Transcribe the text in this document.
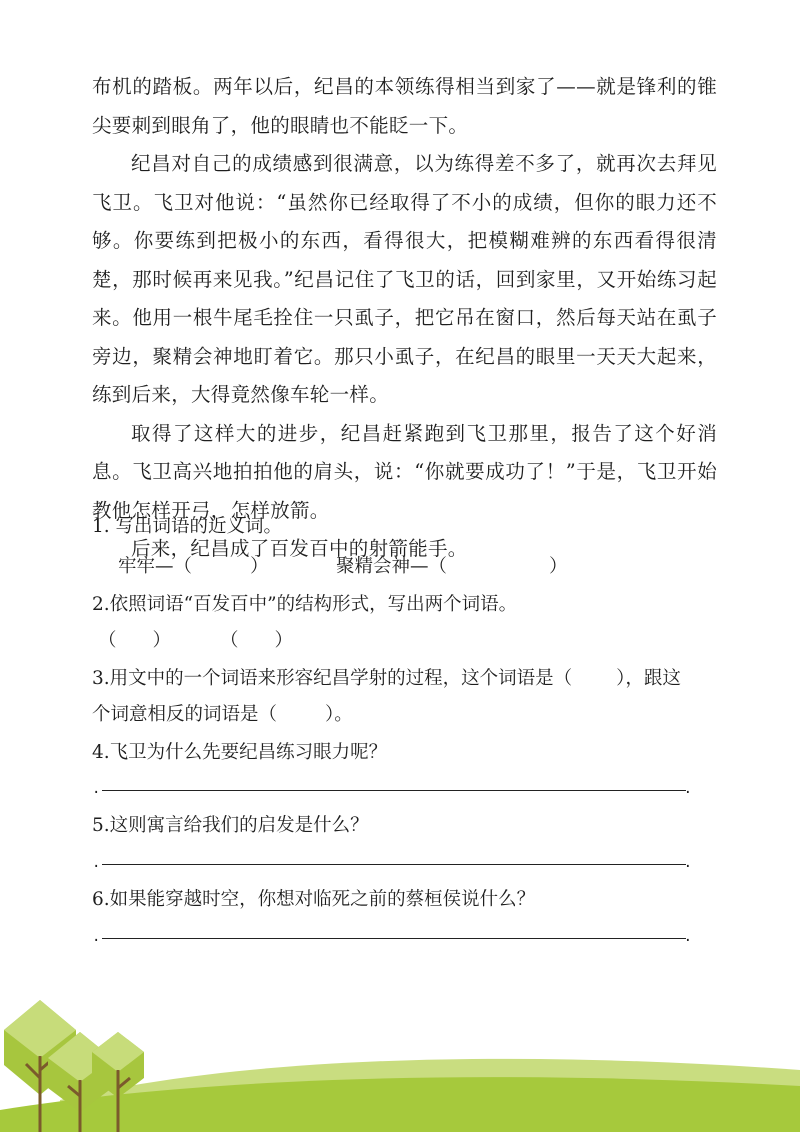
布机的踏板。两年以后，纪昌的本领练得相当到家了——就是锋利的锥尖要刺到眼角了，他的眼睛也不能眨一下。

纪昌对自己的成绩感到很满意，以为练得差不多了，就再次去拜见飞卫。飞卫对他说：“虽然你已经取得了不小的成绩，但你的眼力还不够。你要练到把极小的东西，看得很大，把模糊难辨的东西看得很清楚，那时候再来见我。”纪昌记住了飞卫的话，回到家里，又开始练习起来。他用一根牛尾毛拴住一只虱子，把它吊在窗口，然后每天站在虱子旁边，聚精会神地盯着它。那只小虱子，在纪昌的眼里一天天大起来，练到后来，大得竟然像车轮一样。

取得了这样大的进步，纪昌赶紧跑到飞卫那里，报告了这个好消息。飞卫高兴地拍拍他的肩头，说：“你就要成功了！”于是，飞卫开始教他怎样开弓，怎样放箭。

后来，纪昌成了百发百中的射箭能手。

1. 写出词语的近义词。
牢牢—（	）	聚精会神—（	）
2.依照词语“百发百中”的结构形式，写出两个词语。
（ ）	（ ）
3.用文中的一个词语来形容纪昌学射的过程，这个词语是（ ），跟这
个词意相反的词语是（	）。
4.飞卫为什么先要纪昌练习眼力呢？
.	.
5.这则寓言给我们的启发是什么？
.	.
6.如果能穿越时空，你想对临死之前的蔡桓侯说什么？
.	.
